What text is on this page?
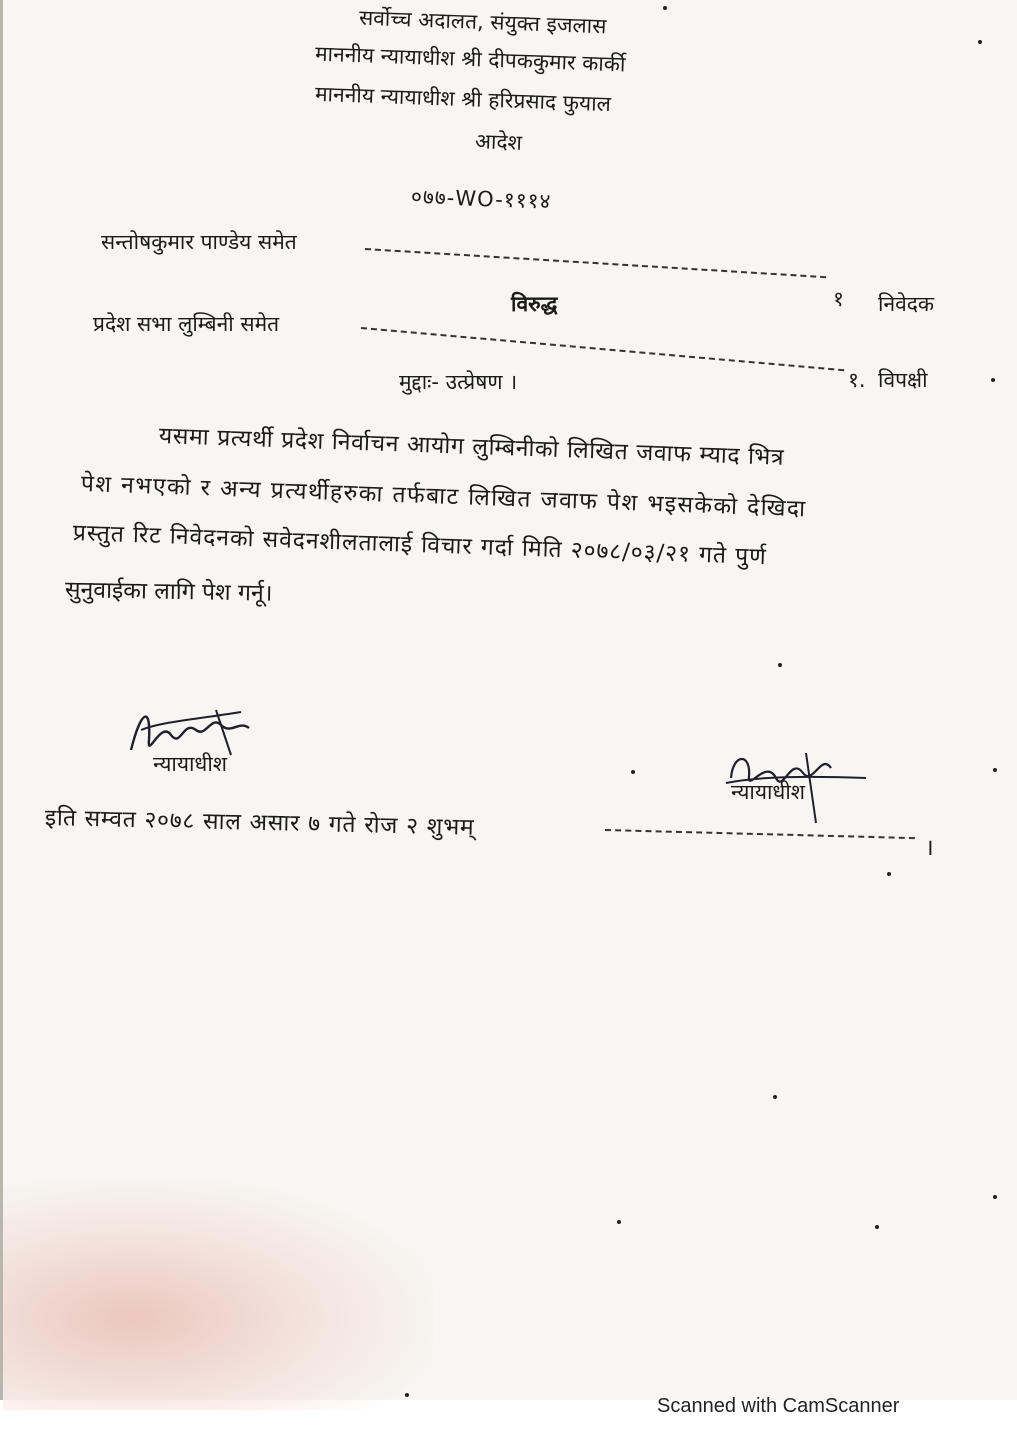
सर्वोच्च अदालत, संयुक्त इजलास
माननीय न्यायाधीश श्री दीपककुमार कार्की
माननीय न्यायाधीश श्री हरिप्रसाद फुयाल
आदेश
०७७-WO-१११४
सन्तोषकुमार पाण्डेय समेत
१ निवेदक
विरुद्ध
प्रदेश सभा लुम्बिनी समेत
१. विपक्षी
मुद्दाः- उत्प्रेषण ।
यसमा प्रत्यर्थी प्रदेश निर्वाचन आयोग लुम्बिनीको लिखित जवाफ म्याद भित्र
पेश नभएको र अन्य प्रत्यर्थीहरुका तर्फबाट लिखित जवाफ पेश भइसकेको देखिदा
प्रस्तुत रिट निवेदनको सवेदनशीलतालाई विचार गर्दा मिति २०७८/०३/२१ गते पुर्ण
सुनुवाईका लागि पेश गर्नू।
न्यायाधीश
न्यायाधीश
इति सम्वत २०७८ साल असार ७ गते रोज २ शुभम्
।
Scanned with CamScanner
